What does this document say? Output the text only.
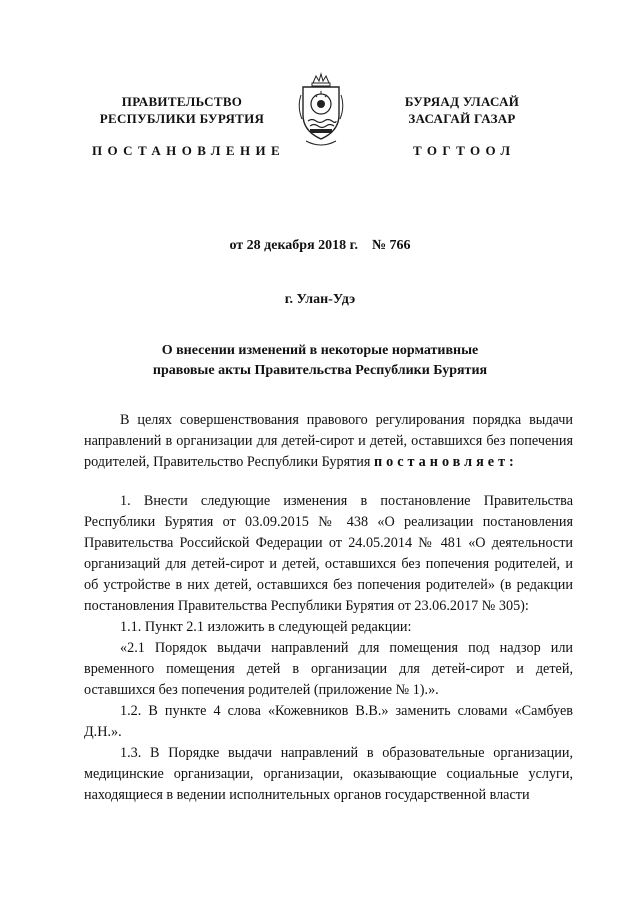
ПРАВИТЕЛЬСТВО
РЕСПУБЛИКИ БУРЯТИЯ
ПОСТАНОВЛЕНИЕ
БУРЯАД УЛАСАЙ
ЗАСАГАЙ ГАЗАР
ТОГТООЛ
от 28 декабря 2018 г. № 766
г. Улан-Удэ
О внесении изменений в некоторые нормативные
правовые акты Правительства Республики Бурятия

В целях совершенствования правового регулирования порядка выдачи направлений в организации для детей-сирот и детей, оставшихся без попечения родителей, Правительство Республики Бурятия постановляет:

1. Внести следующие изменения в постановление Правительства Республики Бурятия от 03.09.2015 № 438 «О реализации постановления Правительства Российской Федерации от 24.05.2014 № 481 «О деятельности организаций для детей-сирот и детей, оставшихся без попечения родителей, и об устройстве в них детей, оставшихся без попечения родителей» (в редакции постановления Правительства Республики Бурятия от 23.06.2017 № 305):

1.1. Пункт 2.1 изложить в следующей редакции:

«2.1 Порядок выдачи направлений для помещения под надзор или временного помещения детей в организации для детей-сирот и детей, оставшихся без попечения родителей (приложение № 1).».

1.2. В пункте 4 слова «Кожевников В.В.» заменить словами «Самбуев Д.Н.».

1.3. В Порядке выдачи направлений в образовательные организации, медицинские организации, организации, оказывающие социальные услуги, находящиеся в ведении исполнительных органов государственной власти
